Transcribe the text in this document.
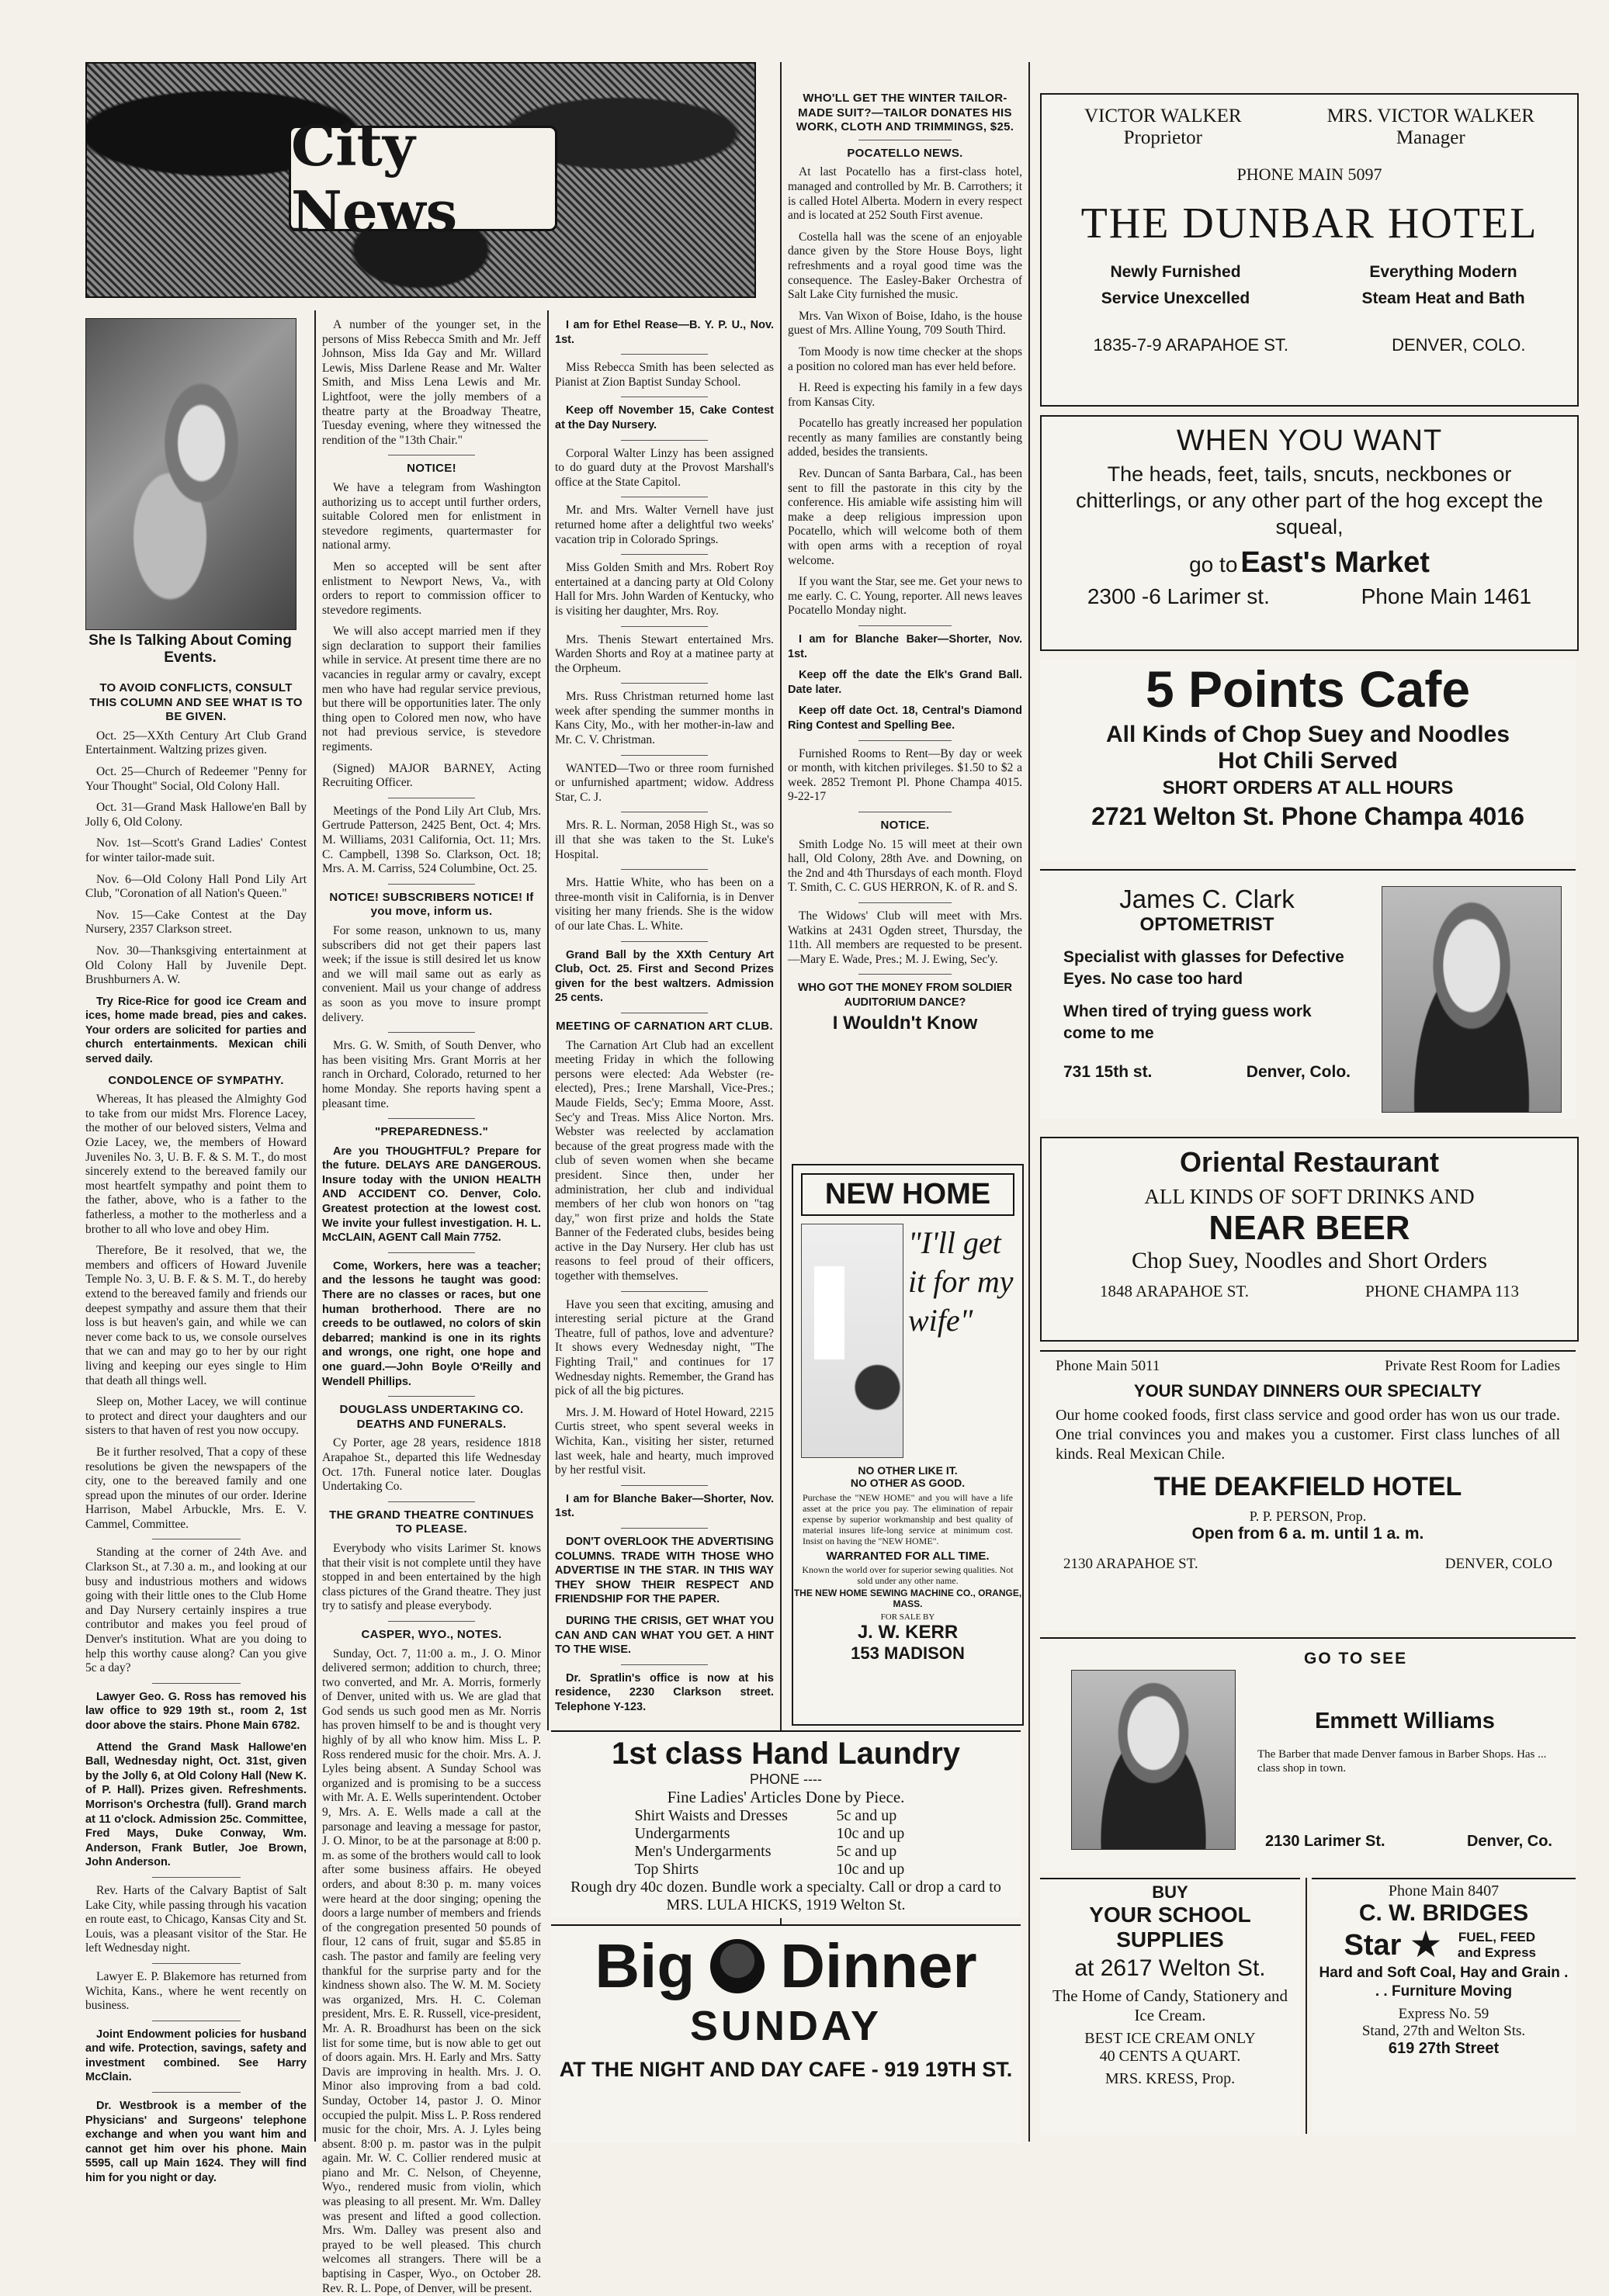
City News
She Is Talking About Coming Events.

TO AVOID CONFLICTS, CONSULT THIS COLUMN AND SEE WHAT IS TO BE GIVEN.

Oct. 25—XXth Century Art Club Grand Entertainment. Waltzing prizes given.

Oct. 25—Church of Redeemer "Penny for Your Thought" Social, Old Colony Hall.

Oct. 31—Grand Mask Hallowe'en Ball by Jolly 6, Old Colony.

Nov. 1st—Scott's Grand Ladies' Contest for winter tailor-made suit.

Nov. 6—Old Colony Hall Pond Lily Art Club, "Coronation of all Nation's Queen."

Nov. 15—Cake Contest at the Day Nursery, 2357 Clarkson street.

Nov. 30—Thanksgiving entertainment at Old Colony Hall by Juvenile Dept. Brushburners A. W.

Try Rice-Rice for good ice Cream and ices, home made bread, pies and cakes. Your orders are solicited for parties and church entertainments. Mexican chili served daily.

CONDOLENCE OF SYMPATHY.

Whereas, It has pleased the Almighty God to take from our midst Mrs. Florence Lacey, the mother of our beloved sisters, Velma and Ozie Lacey, we, the members of Howard Juveniles No. 3, U. B. F. & S. M. T., do most sincerely extend to the bereaved family our most heartfelt sympathy and point them to the father, above, who is a father to the fatherless, a mother to the motherless and a brother to all who love and obey Him.

Therefore, Be it resolved, that we, the members and officers of Howard Juvenile Temple No. 3, U. B. F. & S. M. T., do hereby extend to the bereaved family and friends our deepest sympathy and assure them that their loss is but heaven's gain, and while we can never come back to us, we console ourselves that we can and may go to her by our right living and keeping our eyes single to Him that death all things well.

Sleep on, Mother Lacey, we will continue to protect and direct your daughters and our sisters to that haven of rest you now occupy.

Be it further resolved, That a copy of these resolutions be given the newspapers of the city, one to the bereaved family and one spread upon the minutes of our order. Iderine Harrison, Mabel Arbuckle, Mrs. E. V. Cammel, Committee.

Standing at the corner of 24th Ave. and Clarkson St., at 7.30 a. m., and looking at our busy and industrious mothers and widows going with their little ones to the Club Home and Day Nursery certainly inspires a true contributor and makes you feel proud of Denver's institution. What are you doing to help this worthy cause along? Can you give 5c a day?

Lawyer Geo. G. Ross has removed his law office to 929 19th st., room 2, 1st door above the stairs. Phone Main 6782.

Attend the Grand Mask Hallowe'en Ball, Wednesday night, Oct. 31st, given by the Jolly 6, at Old Colony Hall (New K. of P. Hall). Prizes given. Refreshments. Morrison's Orchestra (full). Grand march at 11 o'clock. Admission 25c. Committee, Fred Mays, Duke Conway, Wm. Anderson, Frank Butler, Joe Brown, John Anderson.

Rev. Harts of the Calvary Baptist of Salt Lake City, while passing through his vacation en route east, to Chicago, Kansas City and St. Louis, was a pleasant visitor of the Star. He left Wednesday night.

Lawyer E. P. Blakemore has returned from Wichita, Kans., where he went recently on business.

Joint Endowment policies for husband and wife. Protection, savings, safety and investment combined. See Harry McClain.

Dr. Westbrook is a member of the Physicians' and Surgeons' telephone exchange and when you want him and cannot get him over his phone. Main 5595, call up Main 1624. They will find him for you night or day.

A number of the younger set, in the persons of Miss Rebecca Smith and Mr. Jeff Johnson, Miss Ida Gay and Mr. Willard Lewis, Miss Darlene Rease and Mr. Walter Smith, and Miss Lena Lewis and Mr. Lightfoot, were the jolly members of a theatre party at the Broadway Theatre, Tuesday evening, where they witnessed the rendition of the "13th Chair."

NOTICE!

We have a telegram from Washington authorizing us to accept until further orders, suitable Colored men for enlistment in stevedore regiments, quartermaster for national army.

Men so accepted will be sent after enlistment to Newport News, Va., with orders to report to commission officer to stevedore regiments.

We will also accept married men if they sign declaration to support their families while in service. At present time there are no vacancies in regular army or cavalry, except men who have had regular service previous, but there will be opportunities later. The only thing open to Colored men now, who have not had previous service, is stevedore regiments.

(Signed) MAJOR BARNEY, Acting Recruiting Officer.

Meetings of the Pond Lily Art Club, Mrs. Gertrude Patterson, 2425 Bent, Oct. 4; Mrs. M. Williams, 2031 California, Oct. 11; Mrs. C. Campbell, 1398 So. Clarkson, Oct. 18; Mrs. A. M. Carriss, 524 Columbine, Oct. 25.

NOTICE! SUBSCRIBERS NOTICE! If you move, inform us.

For some reason, unknown to us, many subscribers did not get their papers last week; if the issue is still desired let us know and we will mail same out as early as convenient. Mail us your change of address as soon as you move to insure prompt delivery.

Mrs. G. W. Smith, of South Denver, who has been visiting Mrs. Grant Morris at her ranch in Orchard, Colorado, returned to her home Monday. She reports having spent a pleasant time.

"PREPAREDNESS."

Are you THOUGHTFUL? Prepare for the future. DELAYS ARE DANGEROUS. Insure today with the UNION HEALTH AND ACCIDENT CO. Denver, Colo. Greatest protection at the lowest cost. We invite your fullest investigation. H. L. McCLAIN, AGENT Call Main 7752.

Come, Workers, here was a teacher; and the lessons he taught was good: There are no classes or races, but one human brotherhood. There are no creeds to be outlawed, no colors of skin debarred; mankind is one in its rights and wrongs, one right, one hope and one guard.—John Boyle O'Reilly and Wendell Phillips.

DOUGLASS UNDERTAKING CO. DEATHS AND FUNERALS.

Cy Porter, age 28 years, residence 1818 Arapahoe St., departed this life Wednesday Oct. 17th. Funeral notice later. Douglas Undertaking Co.

THE GRAND THEATRE CONTINUES TO PLEASE.

Everybody who visits Larimer St. knows that their visit is not complete until they have stopped in and been entertained by the high class pictures of the Grand theatre. They just try to satisfy and please everybody.

CASPER, WYO., NOTES.

Sunday, Oct. 7, 11:00 a. m., J. O. Minor delivered sermon; addition to church, three; two converted, and Mr. A. Morris, formerly of Denver, united with us. We are glad that God sends us such good men as Mr. Norris has proven himself to be and is thought very highly of by all who know him. Miss L. P. Ross rendered music for the choir. Mrs. A. J. Lyles being absent. A Sunday School was organized and is promising to be a success with Mr. A. E. Wells superintendent. October 9, Mrs. A. E. Wells made a call at the parsonage and leaving a message for pastor, J. O. Minor, to be at the parsonage at 8:00 p. m. as some of the brothers would call to look after some business affairs. He obeyed orders, and about 8:30 p. m. many voices were heard at the door singing; opening the doors a large number of members and friends of the congregation presented 50 pounds of flour, 12 cans of fruit, sugar and $5.85 in cash. The pastor and family are feeling very thankful for the surprise party and for the kindness shown also. The W. M. M. Society was organized, Mrs. H. C. Coleman president, Mrs. E. R. Russell, vice-president, Mr. A. R. Broadhurst has been on the sick list for some time, but is now able to get out of doors again. Mrs. H. Early and Mrs. Satty Davis are improving in health. Mrs. J. O. Minor also improving from a bad cold. Sunday, October 14, pastor J. O. Minor occupied the pulpit. Miss L. P. Ross rendered music for the choir, Mrs. A. J. Lyles being absent. 8:00 p. m. pastor was in the pulpit again. Mr. W. C. Collier rendered music at piano and Mr. C. Nelson, of Cheyenne, Wyo., rendered music from violin, which was pleasing to all present. Mr. Wm. Dalley was present and lifted a good collection. Mrs. Wm. Dalley was present also and prayed to be well pleased. This church welcomes all strangers. There will be a baptising in Casper, Wyo., on October 28. Rev. R. L. Pope, of Denver, will be present.

I am for Ethel Rease—B. Y. P. U., Nov. 1st.

Miss Rebecca Smith has been selected as Pianist at Zion Baptist Sunday School.

Keep off November 15, Cake Contest at the Day Nursery.

Corporal Walter Linzy has been assigned to do guard duty at the Provost Marshall's office at the State Capitol.

Mr. and Mrs. Walter Vernell have just returned home after a delightful two weeks' vacation trip in Colorado Springs.

Miss Golden Smith and Mrs. Robert Roy entertained at a dancing party at Old Colony Hall for Mrs. John Warden of Kentucky, who is visiting her daughter, Mrs. Roy.

Mrs. Thenis Stewart entertained Mrs. Warden Shorts and Roy at a matinee party at the Orpheum.

Mrs. Russ Christman returned home last week after spending the summer months in Kans City, Mo., with her mother-in-law and Mr. C. V. Christman.

WANTED—Two or three room furnished or unfurnished apartment; widow. Address Star, C. J.

Mrs. R. L. Norman, 2058 High St., was so ill that she was taken to the St. Luke's Hospital.

Mrs. Hattie White, who has been on a three-month visit in California, is in Denver visiting her many friends. She is the widow of our late Chas. L. White.

Grand Ball by the XXth Century Art Club, Oct. 25. First and Second Prizes given for the best waltzers. Admission 25 cents.

MEETING OF CARNATION ART CLUB.

The Carnation Art Club had an excellent meeting Friday in which the following persons were elected: Ada Webster (re-elected), Pres.; Irene Marshall, Vice-Pres.; Maude Fields, Sec'y; Emma Moore, Asst. Sec'y and Treas. Miss Alice Norton. Mrs. Webster was reelected by acclamation because of the great progress made with the club of seven women when she became president. Since then, under her administration, her club and individual members of her club won honors on "tag day," won first prize and holds the State Banner of the Federated clubs, besides being active in the Day Nursery. Her club has ust reasons to feel proud of their officers, together with themselves.

Have you seen that exciting, amusing and interesting serial picture at the Grand Theatre, full of pathos, love and adventure? It shows every Wednesday night, "The Fighting Trail," and continues for 17 Wednesday nights. Remember, the Grand has pick of all the big pictures.

Mrs. J. M. Howard of Hotel Howard, 2215 Curtis street, who spent several weeks in Wichita, Kan., visiting her sister, returned last week, hale and hearty, much improved by her restful visit.

I am for Blanche Baker—Shorter, Nov. 1st.

DON'T OVERLOOK THE ADVERTISING COLUMNS. TRADE WITH THOSE WHO ADVERTISE IN THE STAR. IN THIS WAY THEY SHOW THEIR RESPECT AND FRIENDSHIP FOR THE PAPER.

DURING THE CRISIS, GET WHAT YOU CAN AND CAN WHAT YOU GET. A HINT TO THE WISE.

Dr. Spratlin's office is now at his residence, 2230 Clarkson street. Telephone Y-123.

WHO'LL GET THE WINTER TAILOR-MADE SUIT?—TAILOR DONATES HIS WORK, CLOTH AND TRIMMINGS, $25.

POCATELLO NEWS.

At last Pocatello has a first-class hotel, managed and controlled by Mr. B. Carrothers; it is called Hotel Alberta. Modern in every respect and is located at 252 South First avenue.

Costella hall was the scene of an enjoyable dance given by the Store House Boys, light refreshments and a royal good time was the consequence. The Easley-Baker Orchestra of Salt Lake City furnished the music.

Mrs. Van Wixon of Boise, Idaho, is the house guest of Mrs. Alline Young, 709 South Third.

Tom Moody is now time checker at the shops a position no colored man has ever held before.

H. Reed is expecting his family in a few days from Kansas City.

Pocatello has greatly increased her population recently as many families are constantly being added, besides the transients.

Rev. Duncan of Santa Barbara, Cal., has been sent to fill the pastorate in this city by the conference. His amiable wife assisting him will make a deep religious impression upon Pocatello, which will welcome both of them with open arms with a reception of royal welcome.

If you want the Star, see me. Get your news to me early. C. C. Young, reporter. All news leaves Pocatello Monday night.

I am for Blanche Baker—Shorter, Nov. 1st.

Keep off the date the Elk's Grand Ball. Date later.

Keep off date Oct. 18, Central's Diamond Ring Contest and Spelling Bee.

Furnished Rooms to Rent—By day or week or month, with kitchen privileges. $1.50 to $2 a week. 2852 Tremont Pl. Phone Champa 4015. 9-22-17

NOTICE.

Smith Lodge No. 15 will meet at their own hall, Old Colony, 28th Ave. and Downing, on the 2nd and 4th Thursdays of each month. Floyd T. Smith, C. C. GUS HERRON, K. of R. and S.

The Widows' Club will meet with Mrs. Watkins at 2431 Ogden street, Thursday, the 11th. All members are requested to be present.—Mary E. Wade, Pres.; M. J. Ewing, Sec'y.

WHO GOT THE MONEY FROM SOLDIER AUDITORIUM DANCE?

I Wouldn't Know
NEW HOME
"I'll get it for my wife"
NO OTHER LIKE IT.
NO OTHER AS GOOD.
Purchase the "NEW HOME" and you will have a life asset at the price you pay. The elimination of repair expense by superior workmanship and best quality of material insures life-long service at minimum cost. Insist on having the "NEW HOME".
WARRANTED FOR ALL TIME.
Known the world over for superior sewing qualities. Not sold under any other name.
THE NEW HOME SEWING MACHINE CO., ORANGE, MASS.
FOR SALE BY
J. W. KERR
153 MADISON
1st class Hand Laundry
PHONE ----
Fine Ladies' Articles Done by Piece.
Shirt Waists and Dresses	5c and up
Undergarments	10c and up
Men's Undergarments	5c and up
Top Shirts	10c and up
Rough dry 40c dozen. Bundle work a specialty. Call or drop a card to MRS. LULA HICKS, 1919 Welton St.
Big Dinner
SUNDAY
AT THE NIGHT AND DAY CAFE - 919 19TH ST.
VICTOR WALKER
Proprietor
MRS. VICTOR WALKER
Manager
PHONE MAIN 5097
THE DUNBAR HOTEL
Newly Furnished	Everything Modern
Service Unexcelled	Steam Heat and Bath
1835-7-9 ARAPAHOE ST.	DENVER, COLO.
WHEN YOU WANT
The heads, feet, tails, sncuts, neckbones or chitterlings, or any other part of the hog except the squeal,
go to East's Market
2300 -6 Larimer st.	Phone Main 1461
5 Points Cafe
All Kinds of Chop Suey and Noodles
Hot Chili Served
SHORT ORDERS AT ALL HOURS
2721 Welton St. Phone Champa 4016
James C. Clark
OPTOMETRIST
Specialist with glasses for Defective Eyes. No case too hard
When tired of trying guess work come to me
731 15th st.	Denver, Colo.
Oriental Restaurant
ALL KINDS OF SOFT DRINKS AND
NEAR BEER
Chop Suey, Noodles and Short Orders
1848 ARAPAHOE ST.	PHONE CHAMPA 113
Phone Main 5011	Private Rest Room for Ladies
YOUR SUNDAY DINNERS OUR SPECIALTY
Our home cooked foods, first class service and good order has won us our trade. One trial convinces you and makes you a customer. First class lunches of all kinds. Real Mexican Chile.
THE DEAKFIELD HOTEL
P. P. PERSON, Prop.
Open from 6 a. m. until 1 a. m.
2130 ARAPAHOE ST.	DENVER, COLO
GO TO SEE
Emmett Williams
The Barber that made Denver famous in Barber Shops. Has ... class shop in town.
2130 Larimer St.	Denver, Co.
BUY
YOUR SCHOOL SUPPLIES
at 2617 Welton St.
The Home of Candy, Stationery and Ice Cream.
BEST ICE CREAM ONLY
40 CENTS A QUART.
MRS. KRESS, Prop.
Phone Main 8407
C. W. BRIDGES
Star ★	FUEL, FEED and Express
Hard and Soft Coal, Hay and Grain . . . Furniture Moving
Express No. 59
Stand, 27th and Welton Sts.
619 27th Street
